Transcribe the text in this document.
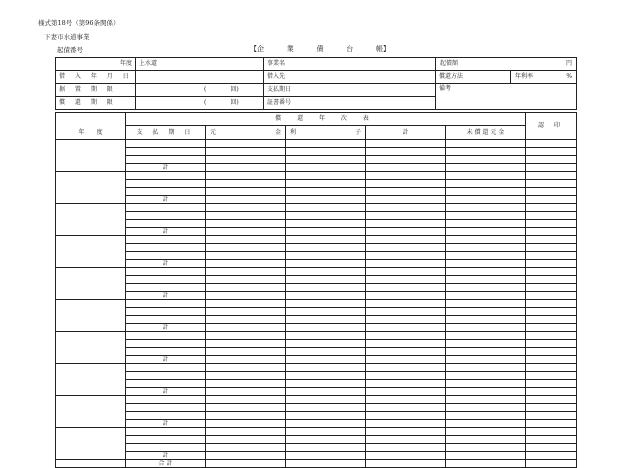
様式第18号（第96条関係）
下妻市水道事業
起債番号	【企	業	債	台	帳】
年度	上水道	事業名	起債額 円	

借 入 年 月 日		借入先	償還方法	年利率 %

据 置 期 限	( 回)	支払期日	備考	
償 還 期 限	( 回)	証書番号		
年　　度	償 還 年 次 表					認 印
	支 払 期 日	元 金	利 子	計	未 償 還 元 金	

	計					

	計					

	計					

	計					

	計					

	計					

	計					

	計					

	計					

	計					
	合 計					
